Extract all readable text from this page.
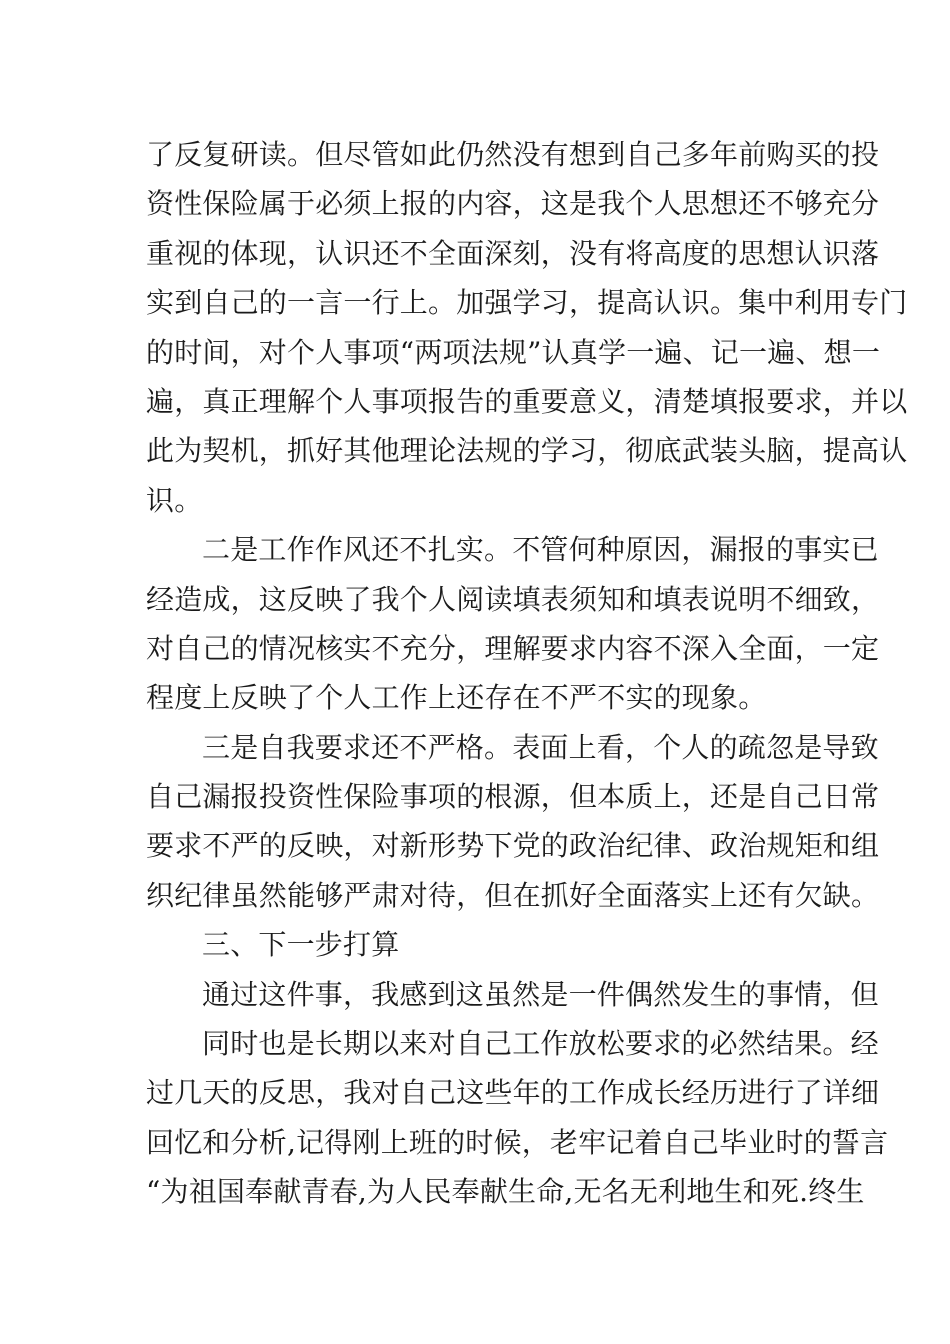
了反复研读。但尽管如此仍然没有想到自己多年前购买的投
资性保险属于必须上报的内容，这是我个人思想还不够充分
重视的体现，认识还不全面深刻，没有将高度的思想认识落
实到自己的一言一行上。加强学习，提高认识。集中利用专门
的时间，对个人事项“两项法规”认真学一遍、记一遍、想一
遍，真正理解个人事项报告的重要意义，清楚填报要求，并以
此为契机，抓好其他理论法规的学习，彻底武装头脑，提高认
识。
二是工作作风还不扎实。不管何种原因，漏报的事实已
经造成，这反映了我个人阅读填表须知和填表说明不细致，
对自己的情况核实不充分，理解要求内容不深入全面，一定
程度上反映了个人工作上还存在不严不实的现象。
三是自我要求还不严格。表面上看，个人的疏忽是导致
自己漏报投资性保险事项的根源，但本质上，还是自己日常
要求不严的反映，对新形势下党的政治纪律、政治规矩和组
织纪律虽然能够严肃对待，但在抓好全面落实上还有欠缺。
三、下一步打算
通过这件事，我感到这虽然是一件偶然发生的事情，但
同时也是长期以来对自己工作放松要求的必然结果。经
过几天的反思，我对自己这些年的工作成长经历进行了详细
回忆和分析,记得刚上班的时候，老牢记着自己毕业时的誓言
“为祖国奉献青春,为人民奉献生命,无名无利地生和死.终生
